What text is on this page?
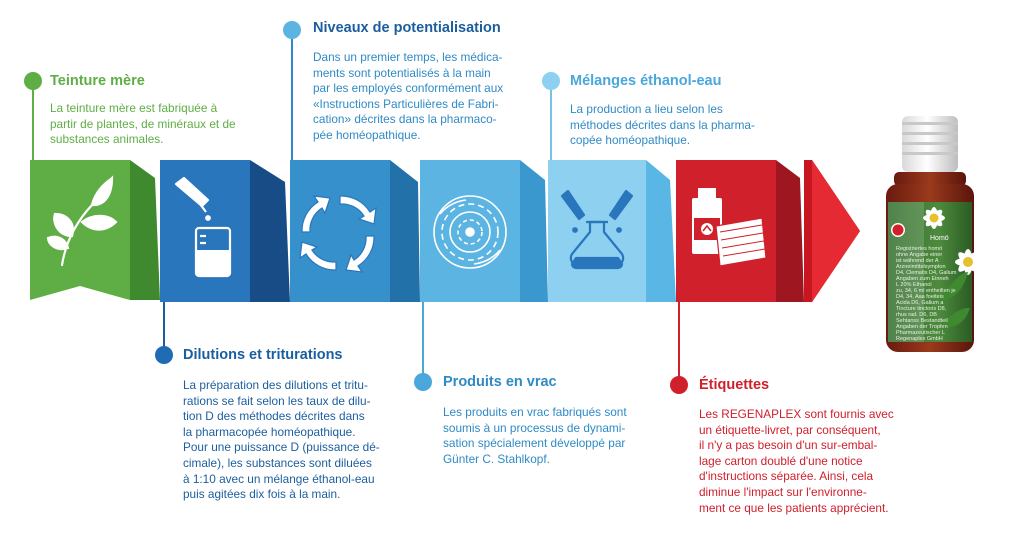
Teinture mère
La teinture mère est fabriquée à
partir de plantes, de minéraux et de
substances animales.
Dilutions et triturations
La préparation des dilutions et tritu-
rations se fait selon les taux de dilu-
tion D des méthodes décrites dans
la pharmacopée homéopathique.
Pour une puissance D (puissance dé-
cimale), les substances sont diluées
à 1:10 avec un mélange éthanol-eau
puis agitées dix fois à la main.
Niveaux de potentialisation
Dans un premier temps, les médica-
ments sont potentialisés à la main
par les employés conformément aux
«Instructions Particulières de Fabri-
cation» décrites dans la pharmaco-
pée homéopathique.
Produits en vrac
Les produits en vrac fabriqués sont
soumis à un processus de dynami-
sation spécialement développé par
Günter C. Stahlkopf.
Mélanges éthanol-eau
La production a lieu selon les
méthodes décrites dans la pharma-
copée homéopathique.
Étiquettes
Les REGENAPLEX sont fournis avec
un étiquette-livret, par conséquent,
il n'y a pas besoin d'un sur-embal-
lage carton doublé d'une notice
d'instructions séparée. Ainsi, cela
diminue l'impact sur l'environne-
ment ce que les patients apprécient.
Homö
Registriertes homö
ohne Angabe einer
ist während der A
Arzneimittelsympton
D4, Clematis D4, Galium
Angaben zum Einneh
L 20% Ethanol
zu, 34, 6 ml entheilten je
D4, 34, Aaa foeiteis
Acida D6, Galium a
Tincture tinctoris D8,
rhus rad. D6, DB
Sehtanss Bestandteil
Angaben der Tropfen
Pharmazeutischer L
Regenaplex GmbH
